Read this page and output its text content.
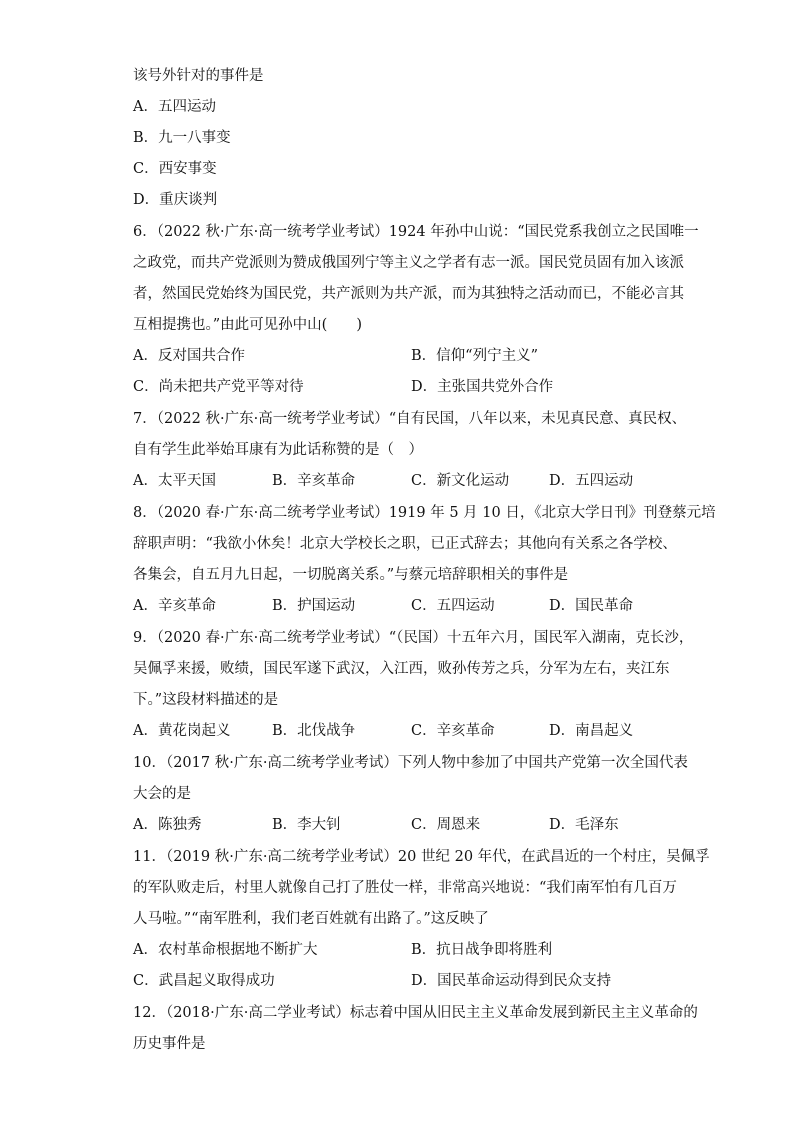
该号外针对的事件是
A．五四运动
B．九一八事变
C．西安事变
D．重庆谈判
6．（2022 秋·广东·高一统考学业考试）1924 年孙中山说：“国民党系我创立之民国唯一
之政党，而共产党派则为赞成俄国列宁等主义之学者有志一派。国民党员固有加入该派
者，然国民党始终为国民党，共产派则为共产派，而为其独特之活动而已，不能必言其
互相提携也。”由此可见孙中山(　　)
A．反对国共合作	B．信仰“列宁主义”
C．尚未把共产党平等对待	D．主张国共党外合作
7．（2022 秋·广东·高一统考学业考试）“自有民国，八年以来，未见真民意、真民权、
自有学生此举始耳康有为此话称赞的是（　）
A．太平天国	B．辛亥革命	C．新文化运动	D．五四运动
8．（2020 春·广东·高二统考学业考试）1919 年 5 月 10 日，《北京大学日刊》刊登蔡元培
辞职声明：“我欲小休矣！北京大学校长之职，已正式辞去；其他向有关系之各学校、
各集会，自五月九日起，一切脱离关系。”与蔡元培辞职相关的事件是
A．辛亥革命	B．护国运动	C．五四运动	D．国民革命
9．（2020 春·广东·高二统考学业考试）“（民国）十五年六月，国民军入湖南，克长沙，
吴佩孚来援，败绩，国民军遂下武汉，入江西，败孙传芳之兵，分军为左右，夹江东
下。”这段材料描述的是
A．黄花岗起义	B．北伐战争	C．辛亥革命	D．南昌起义
10．（2017 秋·广东·高二统考学业考试）下列人物中参加了中国共产党第一次全国代表
大会的是
A．陈独秀	B．李大钊	C．周恩来	D．毛泽东
11．（2019 秋·广东·高二统考学业考试）20 世纪 20 年代，在武昌近的一个村庄，吴佩孚
的军队败走后，村里人就像自己打了胜仗一样，非常高兴地说：“我们南军怕有几百万
人马啦。”“南军胜利，我们老百姓就有出路了。”这反映了
A．农村革命根据地不断扩大	B．抗日战争即将胜利
C．武昌起义取得成功	D．国民革命运动得到民众支持
12．（2018·广东·高二学业考试）标志着中国从旧民主主义革命发展到新民主主义革命的
历史事件是
